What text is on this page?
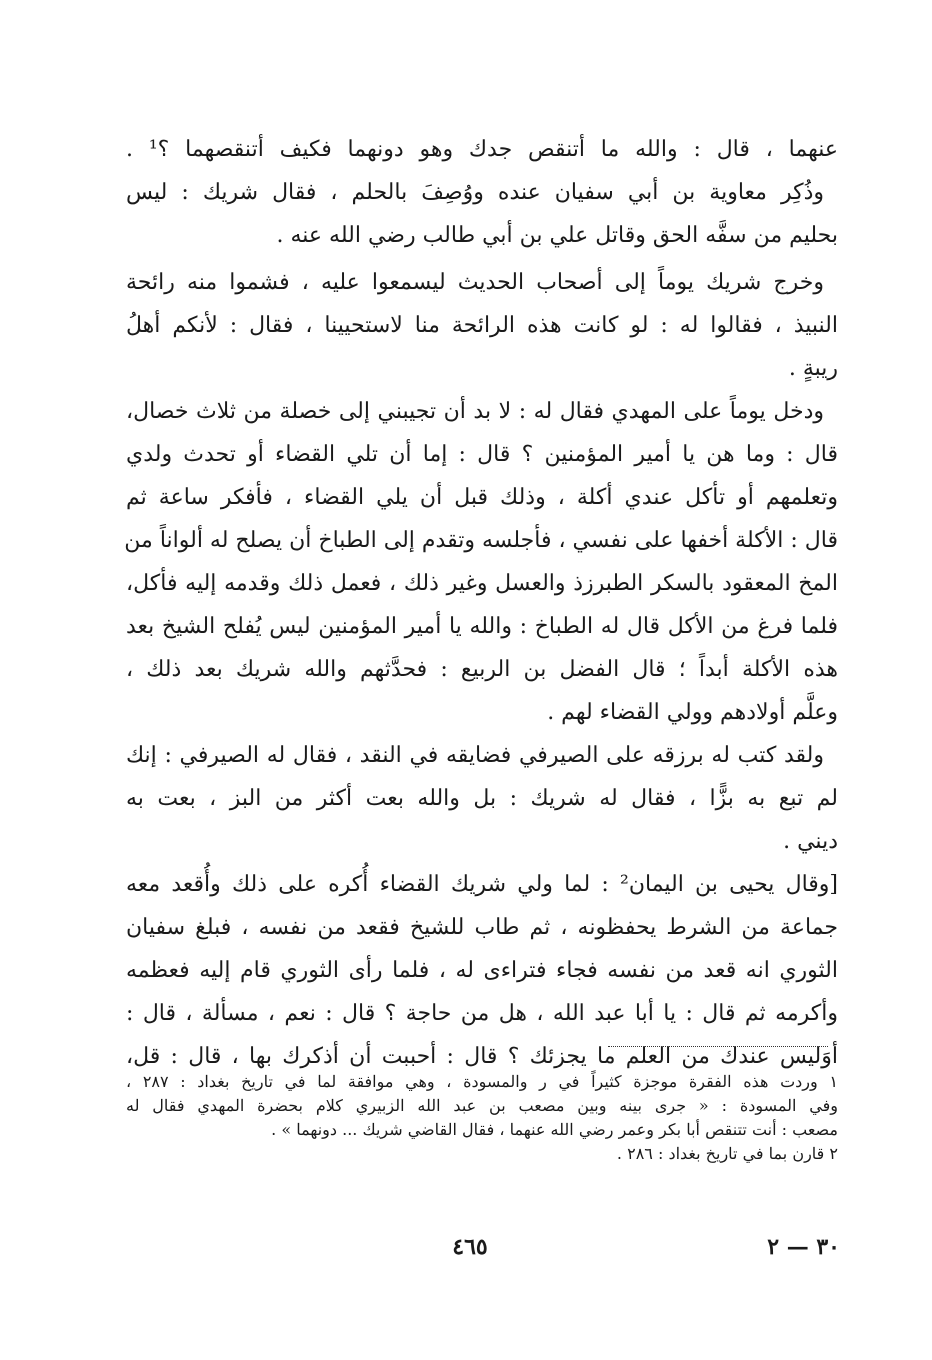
عنهما ، قال : والله ما أتنقص جدك وهو دونهما فكيف أتنقصهما ؟¹ .
وذُكِر معاوية بن أبي سفيان عنده ووُصِفَ بالحلم ، فقال شريك : ليس
بحليم من سفَّه الحق وقاتل علي بن أبي طالب رضي الله عنه .
وخرج شريك يوماً إلى أصحاب الحديث ليسمعوا عليه ، فشموا منه رائحة
النبيذ ، فقالوا له : لو كانت هذه الرائحة منا لاستحيينا ، فقال : لأنكم أهلُ
ريبةٍ .
ودخل يوماً على المهدي فقال له : لا بد أن تجيبني إلى خصلة من ثلاث خصال،
قال : وما هن يا أمير المؤمنين ؟ قال : إما أن تلي القضاء أو تحدث ولدي
وتعلمهم أو تأكل عندي أكلة ، وذلك قبل أن يلي القضاء ، فأفكر ساعة ثم
قال : الأكلة أخفها على نفسي ، فأجلسه وتقدم إلى الطباخ أن يصلح له ألواناً من
المخ المعقود بالسكر الطبرزذ والعسل وغير ذلك ، فعمل ذلك وقدمه إليه فأكل،
فلما فرغ من الأكل قال له الطباخ : والله يا أمير المؤمنين ليس يُفلح الشيخ بعد
هذه الأكلة أبداً ؛ قال الفضل بن الربيع : فحدَّثهم والله شريك بعد ذلك ،
وعلَّم أولادهم وولي القضاء لهم .
ولقد كتب له برزقه على الصيرفي فضايقه في النقد ، فقال له الصيرفي : إنك
لم تبع به بزًّا ، فقال له شريك : بل والله بعت أكثر من البز ، بعت به
ديني .
[وقال يحيى بن اليمان² : لما ولي شريك القضاء أُكره على ذلك وأُقعد معه
جماعة من الشرط يحفظونه ، ثم طاب للشيخ فقعد من نفسه ، فبلغ سفيان
الثوري انه قعد من نفسه فجاء فتراءى له ، فلما رأى الثوري قام إليه فعظمه
وأكرمه ثم قال : يا أبا عبد الله ، هل من حاجة ؟ قال : نعم ، مسألة ، قال :
أوَليس عندك من العلم ما يجزئك ؟ قال : أحببت أن أذكرك بها ، قال : قل،
١ وردت هذه الفقرة موجزة كثيراً في ر والمسودة ، وهي موافقة لما في تاريخ بغداد : ٢٨٧ ،
وفي المسودة : « جرى بينه وبين مصعب بن عبد الله الزبيري كلام بحضرة المهدي فقال له
مصعب : أنت تتنقص أبا بكر وعمر رضي الله عنهما ، فقال القاضي شريك ... دونهما » .
٢ قارن بما في تاريخ بغداد : ٢٨٦ .
٣٠ — ٢
٤٦٥
